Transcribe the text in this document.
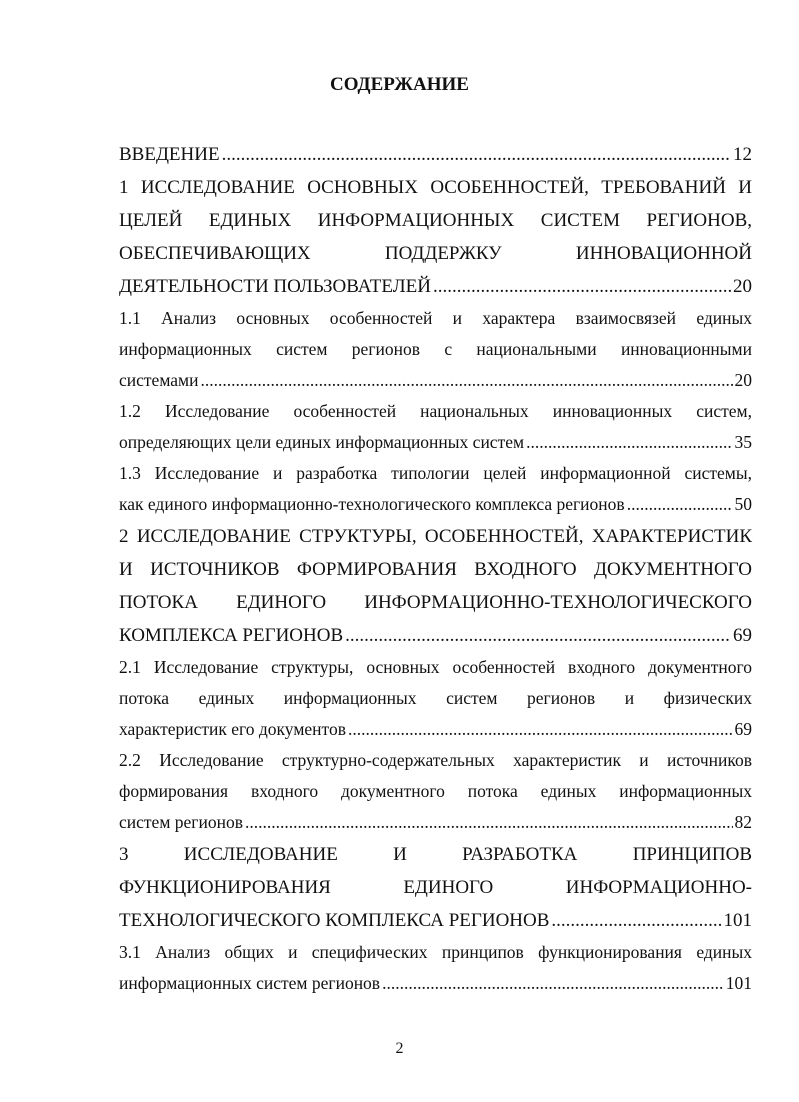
СОДЕРЖАНИЕ
ВВЕДЕНИЕ .....	12
1 ИССЛЕДОВАНИЕ ОСНОВНЫХ ОСОБЕННОСТЕЙ, ТРЕБОВАНИЙ И
ЦЕЛЕЙ ЕДИНЫХ ИНФОРМАЦИОННЫХ СИСТЕМ РЕГИОНОВ,
ОБЕСПЕЧИВАЮЩИХ ПОДДЕРЖКУ ИННОВАЦИОННОЙ
ДЕЯТЕЛЬНОСТИ ПОЛЬЗОВАТЕЛЕЙ .....	20
1.1 Анализ основных особенностей и характера взаимосвязей единых
информационных систем регионов с национальными инновационными
системами .....	20
1.2 Исследование особенностей национальных инновационных систем,
определяющих цели единых информационных систем .....	35
1.3 Исследование и разработка типологии целей информационной системы,
как единого информационно-технологического комплекса регионов .....	50
2 ИССЛЕДОВАНИЕ СТРУКТУРЫ, ОСОБЕННОСТЕЙ, ХАРАКТЕРИСТИК
И ИСТОЧНИКОВ ФОРМИРОВАНИЯ ВХОДНОГО ДОКУМЕНТНОГО
ПОТОКА ЕДИНОГО ИНФОРМАЦИОННО-ТЕХНОЛОГИЧЕСКОГО
КОМПЛЕКСА РЕГИОНОВ .....	69
2.1 Исследование структуры, основных особенностей входного документного
потока единых информационных систем регионов и физических
характеристик его документов .....	69
2.2 Исследование структурно-содержательных характеристик и источников
формирования входного документного потока единых информационных
систем регионов .....	82
3 ИССЛЕДОВАНИЕ И РАЗРАБОТКА ПРИНЦИПОВ
ФУНКЦИОНИРОВАНИЯ ЕДИНОГО ИНФОРМАЦИОННО-
ТЕХНОЛОГИЧЕСКОГО КОМПЛЕКСА РЕГИОНОВ .....	101
3.1 Анализ общих и специфических принципов функционирования единых
информационных систем регионов .....	101
2
